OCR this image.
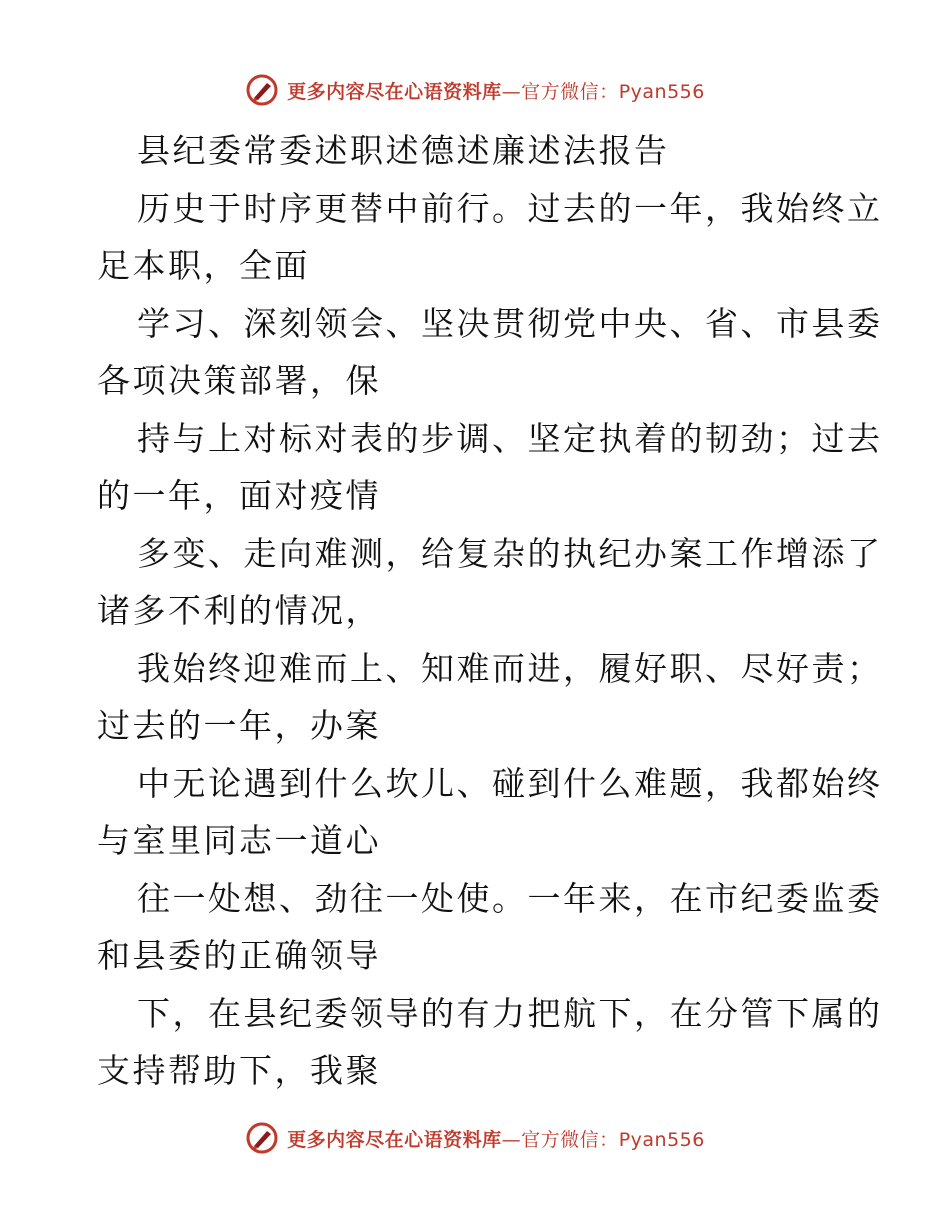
更多内容尽在心语资料库—官方微信：Pyan556
县纪委常委述职述德述廉述法报告
历史于时序更替中前行。过去的一年，我始终立
足本职，全面
学习、深刻领会、坚决贯彻党中央、省、市县委
各项决策部署，保
持与上对标对表的步调、坚定执着的韧劲；过去
的一年，面对疫情
多变、走向难测，给复杂的执纪办案工作增添了
诸多不利的情况，
我始终迎难而上、知难而进，履好职、尽好责；
过去的一年，办案
中无论遇到什么坎儿、碰到什么难题，我都始终
与室里同志一道心
往一处想、劲往一处使。一年来，在市纪委监委
和县委的正确领导
下，在县纪委领导的有力把航下，在分管下属的
支持帮助下，我聚
更多内容尽在心语资料库—官方微信：Pyan556
